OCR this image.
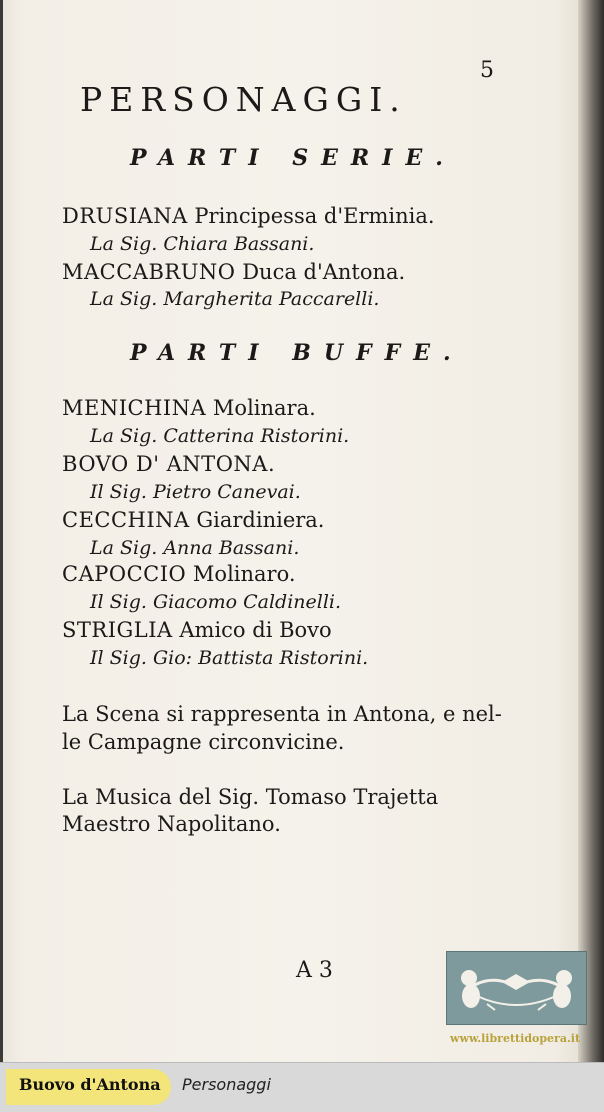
5
PERSONAGGI.
PARTI SERIE.
DRUSIANA Principessa d'Erminia.
La Sig. Chiara Bassani.
MACCABRUNO Duca d'Antona.
La Sig. Margherita Paccarelli.
PARTI BUFFE.
MENICHINA Molinara.
La Sig. Catterina Ristorini.
BOVO D' ANTONA.
Il Sig. Pietro Canevai.
CECCHINA Giardiniera.
La Sig. Anna Bassani.
CAPOCCIO Molinaro.
Il Sig. Giacomo Caldinelli.
STRIGLIA Amico di Bovo
Il Sig. Gio: Battista Ristorini.
La Scena si rappresenta in Antona, e nel-
le Campagne circonvicine.
La Musica del Sig. Tomaso Trajetta
Maestro Napolitano.
A 3
www.librettidopera.it
Buovo d'Antona Personaggi
